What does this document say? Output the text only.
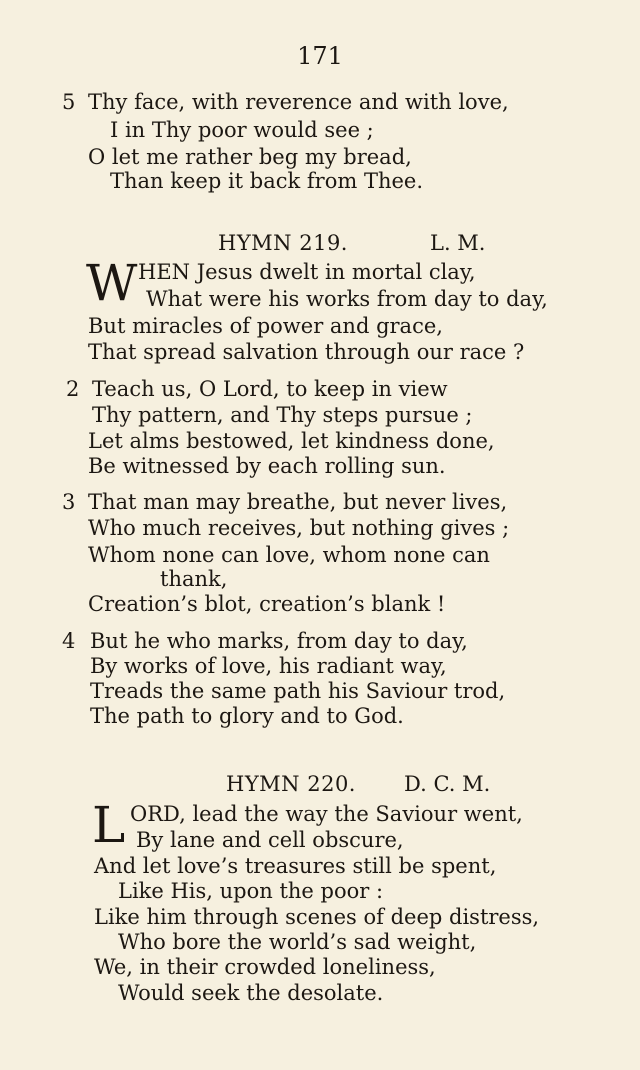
171
5 Thy face, with reverence and with love,
I in Thy poor would see ;
O let me rather beg my bread,
Than keep it back from Thee.
HYMN 219.	L. M.
W HEN Jesus dwelt in mortal clay,
What were his works from day to day,
But miracles of power and grace,
That spread salvation through our race ?
2 Teach us, O Lord, to keep in view
Thy pattern, and Thy steps pursue ;
Let alms bestowed, let kindness done,
Be witnessed by each rolling sun.
3 That man may breathe, but never lives,
Who much receives, but nothing gives ;
Whom none can love, whom none can
thank,
Creation’s blot, creation’s blank !
4 But he who marks, from day to day,
By works of love, his radiant way,
Treads the same path his Saviour trod,
The path to glory and to God.
HYMN 220. D. C. M.
L ORD, lead the way the Saviour went,
By lane and cell obscure,
And let love’s treasures still be spent,
Like His, upon the poor :
Like him through scenes of deep distress,
Who bore the world’s sad weight,
We, in their crowded loneliness,
Would seek the desolate.
